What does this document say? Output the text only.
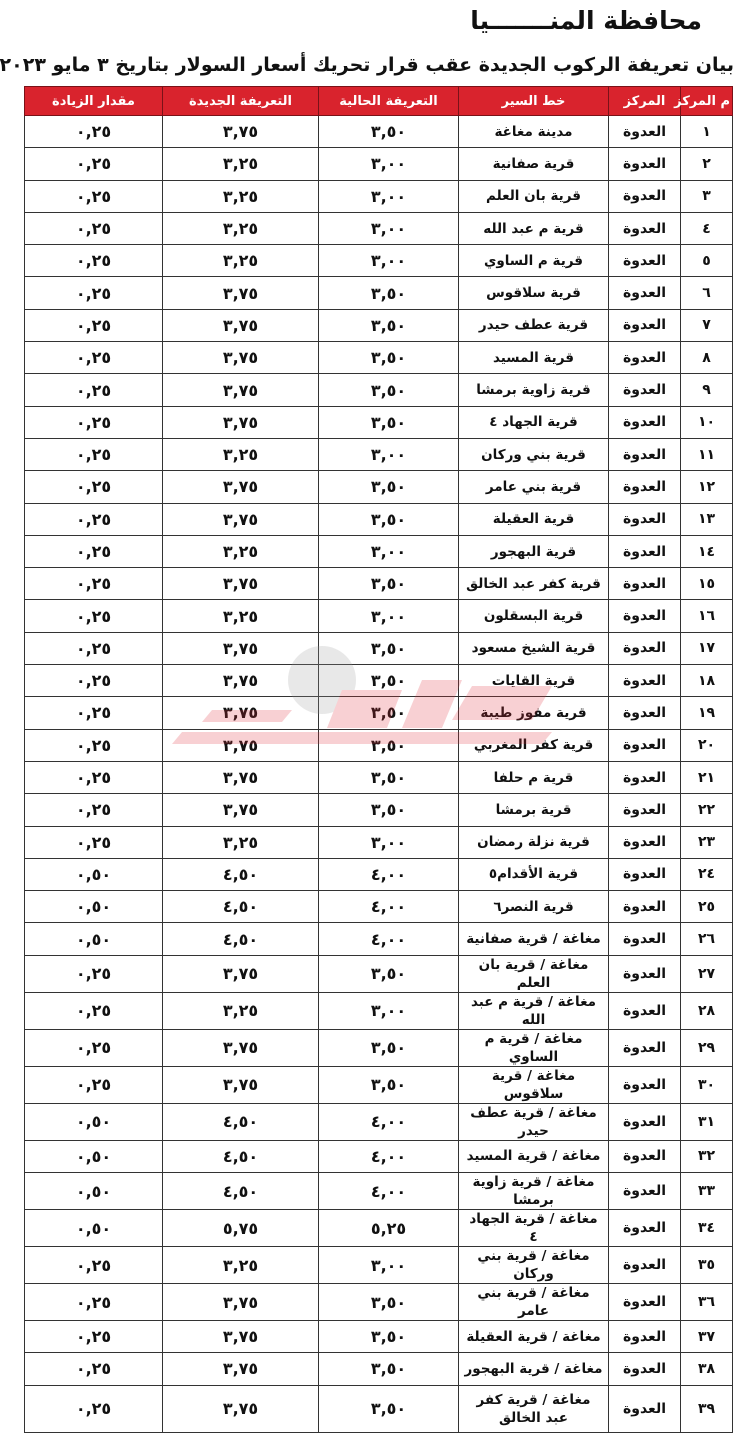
محافظة المنـــــــيا
بيان تعريفة الركوب الجديدة عقب قرار تحريك أسعار السولار بتاريخ ٣ مايو ٢٠٢٣
م المركز	المركز	خط السير	التعريفة الحالية	التعريفة الجديدة	مقدار الزيادة
١	العدوة	مدينة مغاغة	٣,٥٠	٣,٧٥	٠,٢٥
٢	العدوة	قرية صفانية	٣,٠٠	٣,٢٥	٠,٢٥
٣	العدوة	قرية بان العلم	٣,٠٠	٣,٢٥	٠,٢٥
٤	العدوة	قرية م عبد الله	٣,٠٠	٣,٢٥	٠,٢٥
٥	العدوة	قرية م الساوي	٣,٠٠	٣,٢٥	٠,٢٥
٦	العدوة	قرية سلاقوس	٣,٥٠	٣,٧٥	٠,٢٥
٧	العدوة	قرية عطف حيدر	٣,٥٠	٣,٧٥	٠,٢٥
٨	العدوة	قرية المسيد	٣,٥٠	٣,٧٥	٠,٢٥
٩	العدوة	قرية زاوية برمشا	٣,٥٠	٣,٧٥	٠,٢٥
١٠	العدوة	قرية الجهاد ٤	٣,٥٠	٣,٧٥	٠,٢٥
١١	العدوة	قرية بني وركان	٣,٠٠	٣,٢٥	٠,٢٥
١٢	العدوة	قرية بني عامر	٣,٥٠	٣,٧٥	٠,٢٥
١٣	العدوة	قرية العقيلة	٣,٥٠	٣,٧٥	٠,٢٥
١٤	العدوة	قرية البهجور	٣,٠٠	٣,٢٥	٠,٢٥
١٥	العدوة	قرية كفر عبد الخالق	٣,٥٠	٣,٧٥	٠,٢٥
١٦	العدوة	قرية البسقلون	٣,٠٠	٣,٢٥	٠,٢٥
١٧	العدوة	قرية الشيخ مسعود	٣,٥٠	٣,٧٥	٠,٢٥
١٨	العدوة	قرية القايات	٣,٥٠	٣,٧٥	٠,٢٥
١٩	العدوة	قرية مفوز طيبة	٣,٥٠	٣,٧٥	٠,٢٥
٢٠	العدوة	قرية كفر المغربي	٣,٥٠	٣,٧٥	٠,٢٥
٢١	العدوة	قرية م حلفا	٣,٥٠	٣,٧٥	٠,٢٥
٢٢	العدوة	قرية برمشا	٣,٥٠	٣,٧٥	٠,٢٥
٢٣	العدوة	قرية نزلة رمضان	٣,٠٠	٣,٢٥	٠,٢٥
٢٤	العدوة	قرية الأقدام٥	٤,٠٠	٤,٥٠	٠,٥٠
٢٥	العدوة	قرية النصر٦	٤,٠٠	٤,٥٠	٠,٥٠
٢٦	العدوة	مغاغة / قرية صفانية	٤,٠٠	٤,٥٠	٠,٥٠
٢٧	العدوة	مغاغة / قرية بان العلم	٣,٥٠	٣,٧٥	٠,٢٥
٢٨	العدوة	مغاغة / قرية م عبد الله	٣,٠٠	٣,٢٥	٠,٢٥
٢٩	العدوة	مغاغة / قرية م الساوي	٣,٥٠	٣,٧٥	٠,٢٥
٣٠	العدوة	مغاغة / قرية سلاقوس	٣,٥٠	٣,٧٥	٠,٢٥
٣١	العدوة	مغاغة / قرية عطف حيدر	٤,٠٠	٤,٥٠	٠,٥٠
٣٢	العدوة	مغاغة / قرية المسيد	٤,٠٠	٤,٥٠	٠,٥٠
٣٣	العدوة	مغاغة / قرية زاوية برمشا	٤,٠٠	٤,٥٠	٠,٥٠
٣٤	العدوة	مغاغة / قرية الجهاد ٤	٥,٢٥	٥,٧٥	٠,٥٠
٣٥	العدوة	مغاغة / قرية بني وركان	٣,٠٠	٣,٢٥	٠,٢٥
٣٦	العدوة	مغاغة / قرية بني عامر	٣,٥٠	٣,٧٥	٠,٢٥
٣٧	العدوة	مغاغة / قرية العقيلة	٣,٥٠	٣,٧٥	٠,٢٥
٣٨	العدوة	مغاغة / قرية البهجور	٣,٥٠	٣,٧٥	٠,٢٥
٣٩	العدوة	مغاغة / قرية كفر عبد الخالق	٣,٥٠	٣,٧٥	٠,٢٥
